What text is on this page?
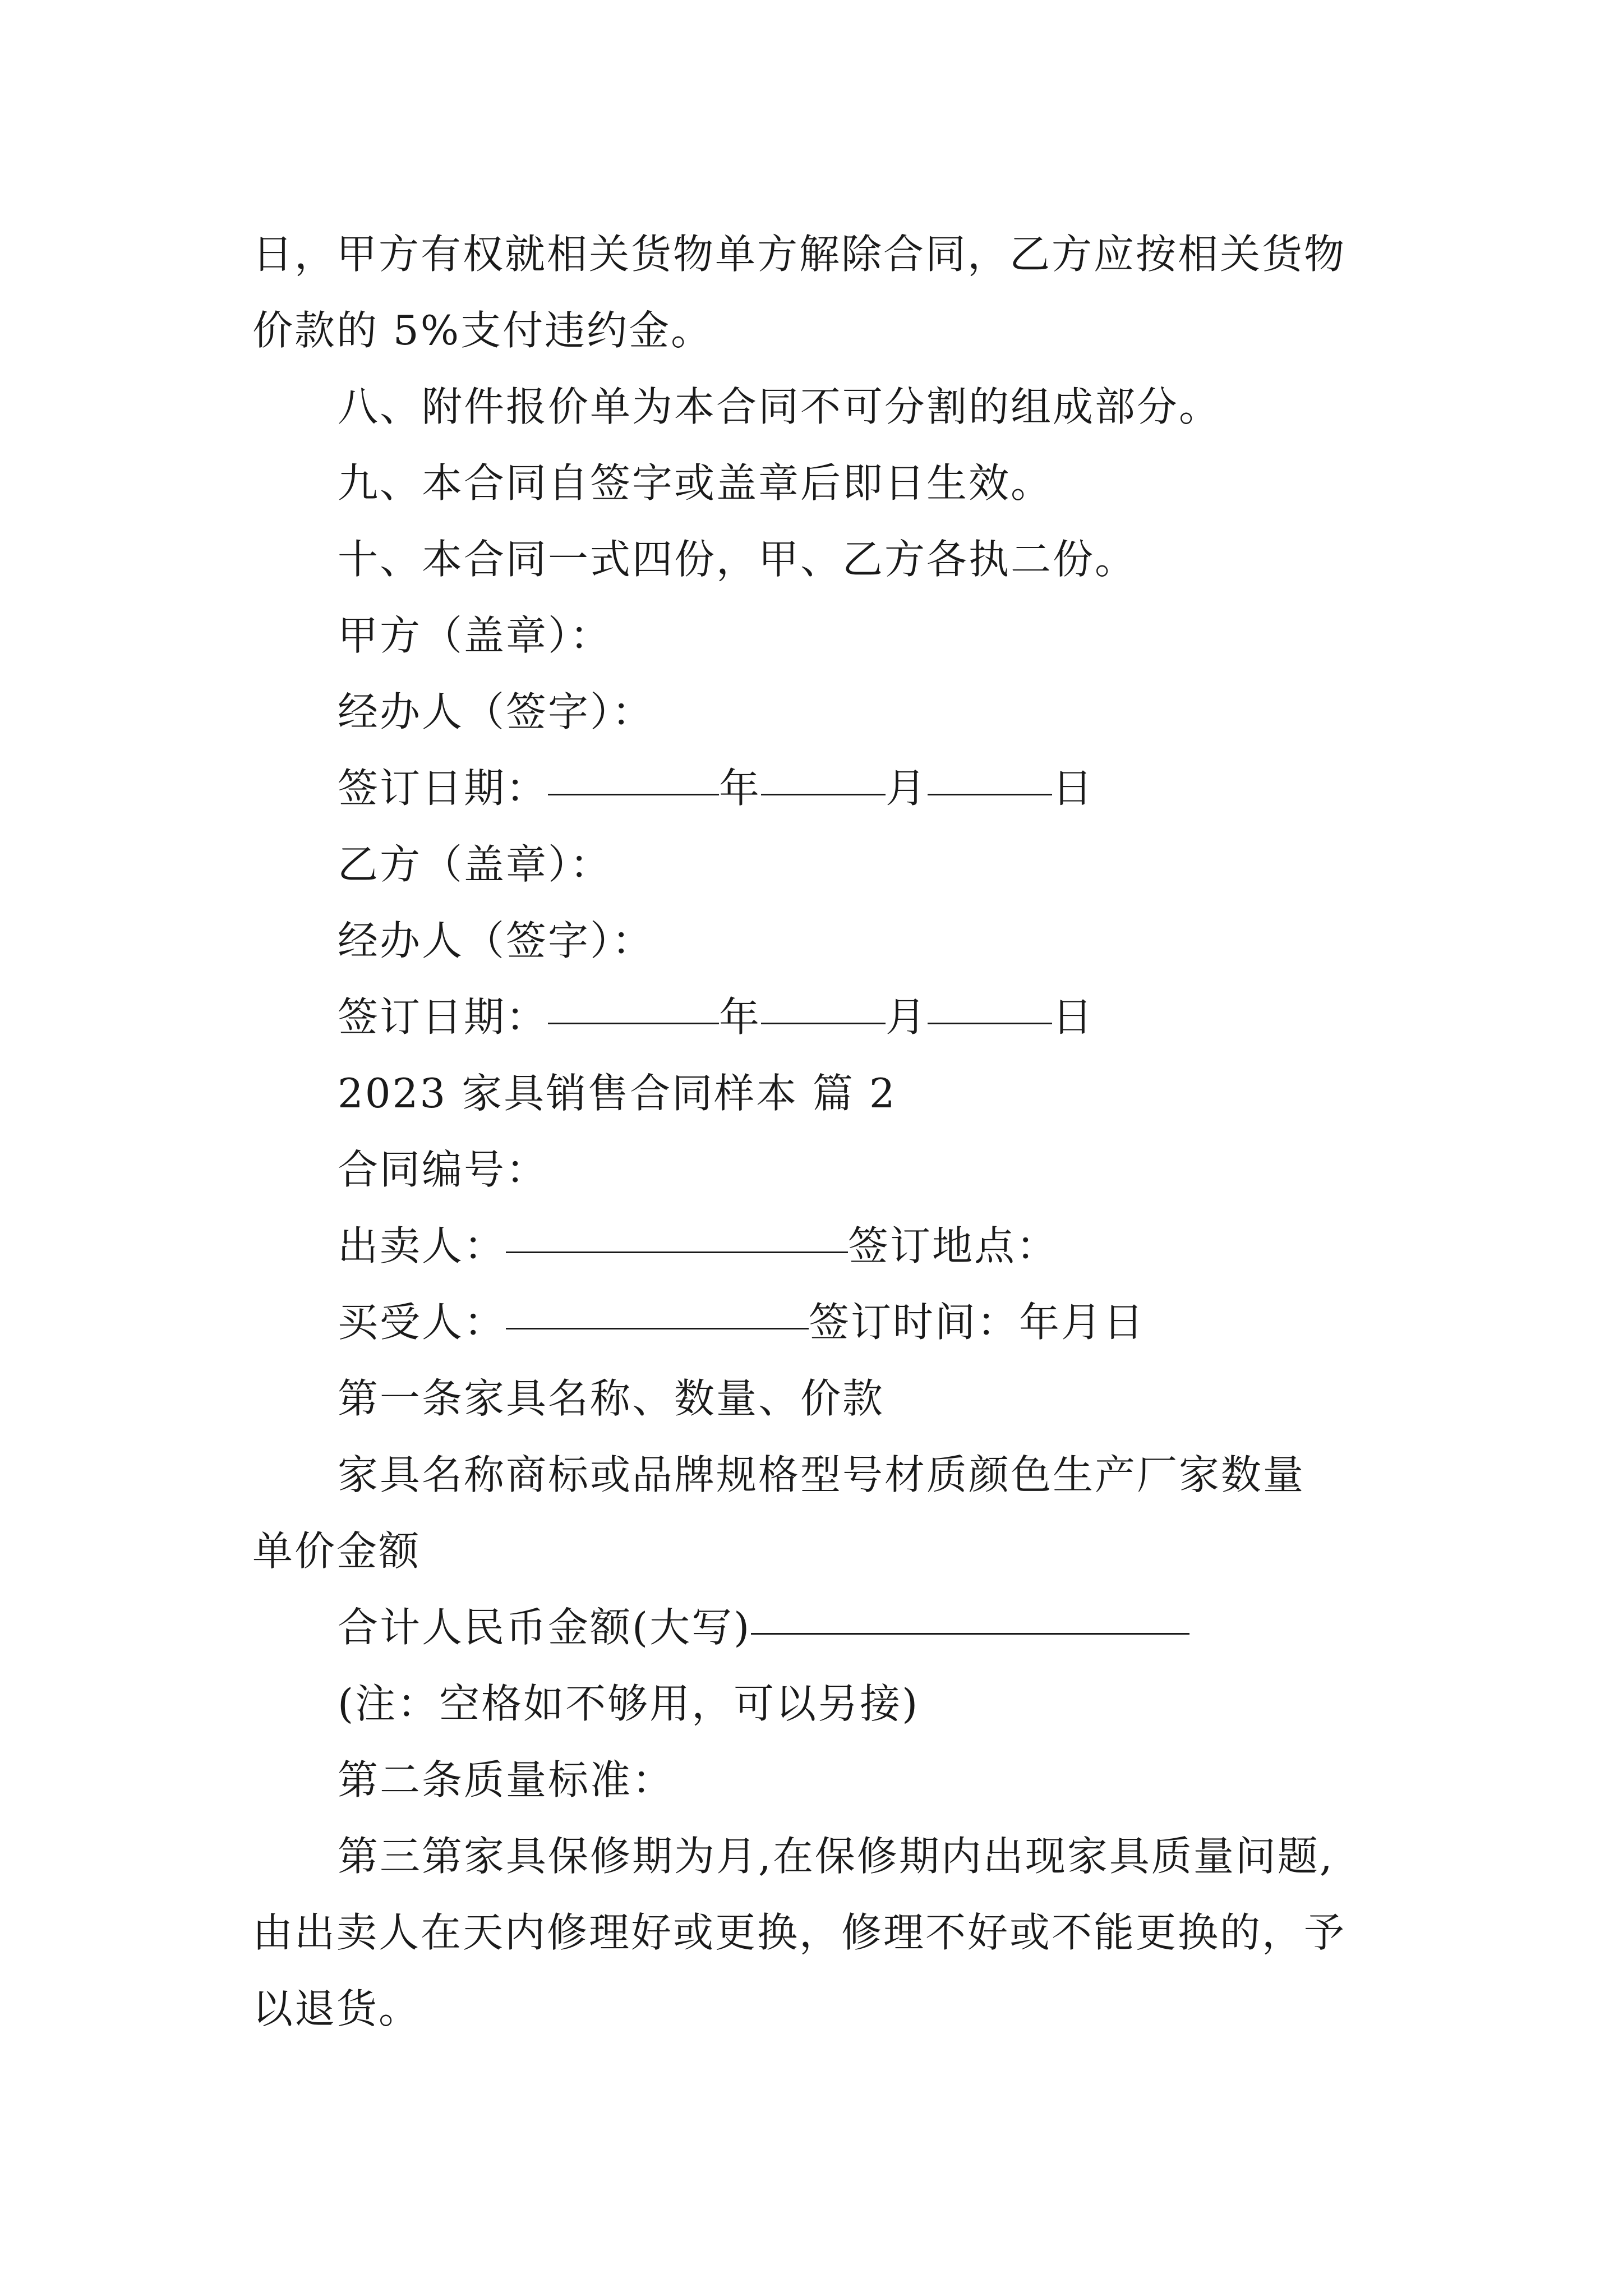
日，甲方有权就相关货物单方解除合同，乙方应按相关货物
价款的 5%支付违约金。
八、附件报价单为本合同不可分割的组成部分。
九、本合同自签字或盖章后即日生效。
十、本合同一式四份，甲、乙方各执二份。
甲方（盖章）：
经办人（签字）：
签订日期：	年	月	日
乙方（盖章）：
经办人（签字）：
签订日期：	年	月	日
2023 家具销售合同样本 篇 2
合同编号：
出卖人：	签订地点：
买受人：	签订时间：年月日
第一条家具名称、数量、价款
家具名称商标或品牌规格型号材质颜色生产厂家数量
单价金额
合计人民币金额(大写)
(注：空格如不够用，可以另接)
第二条质量标准：
第三第家具保修期为月,在保修期内出现家具质量问题,
由出卖人在天内修理好或更换，修理不好或不能更换的，予
以退货。
